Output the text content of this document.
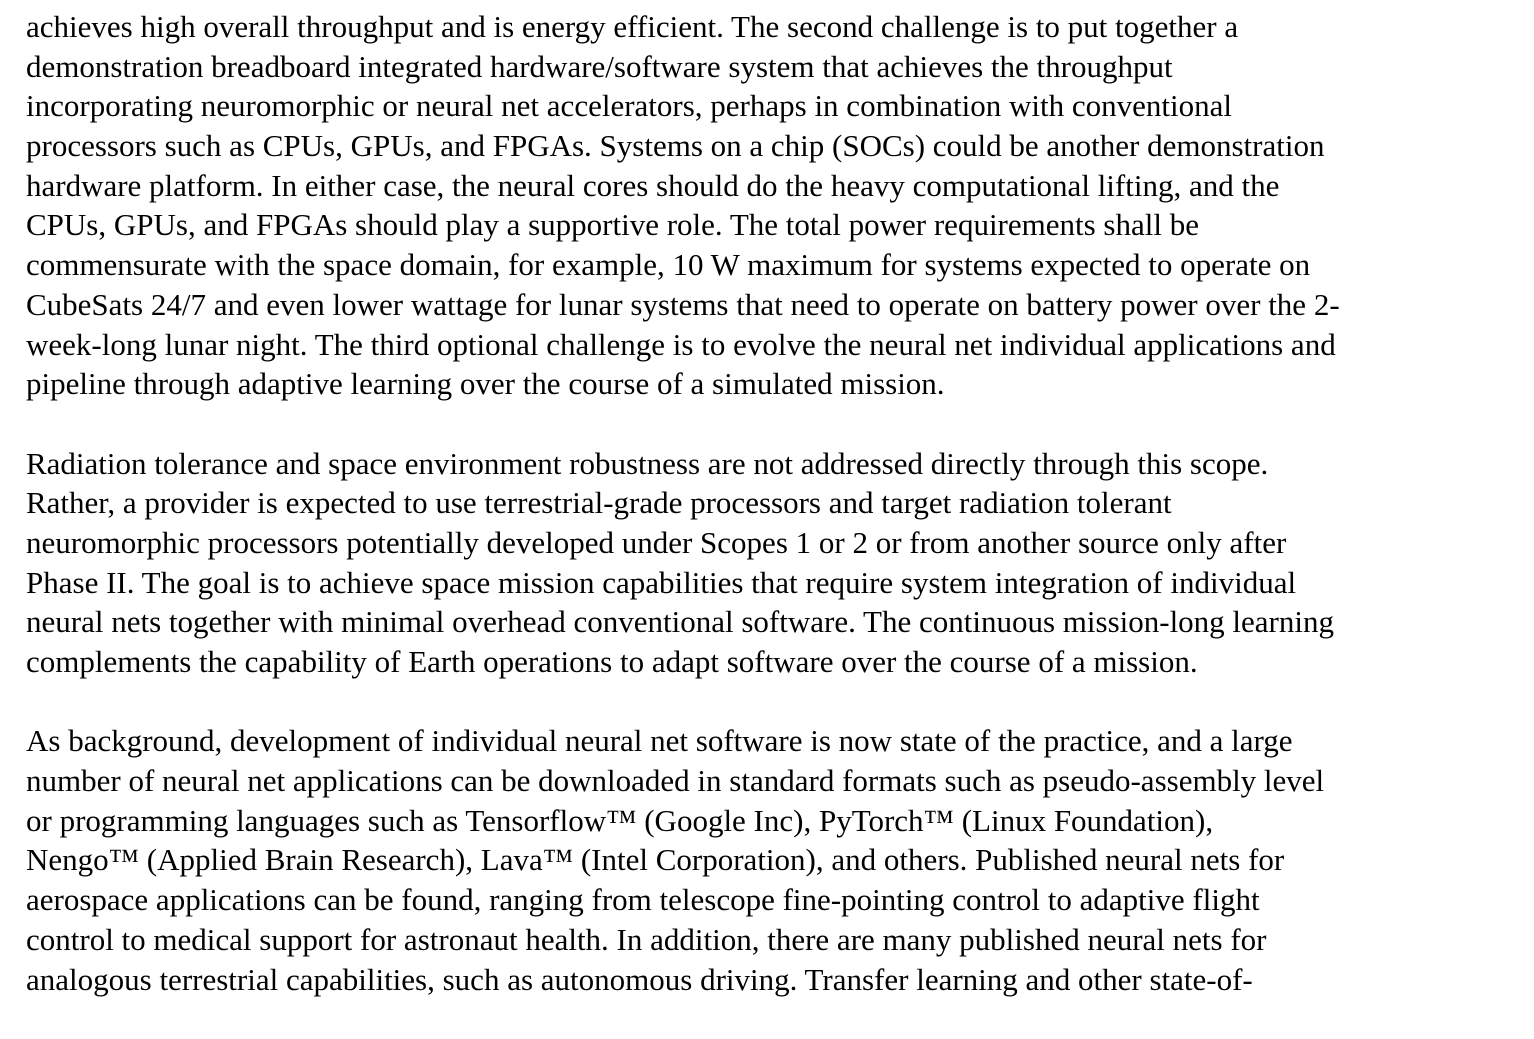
achieves high overall throughput and is energy efficient. The second challenge is to put together a
demonstration breadboard integrated hardware/software system that achieves the throughput
incorporating neuromorphic or neural net accelerators, perhaps in combination with conventional
processors such as CPUs, GPUs, and FPGAs. Systems on a chip (SOCs) could be another demonstration
hardware platform. In either case, the neural cores should do the heavy computational lifting, and the
CPUs, GPUs, and FPGAs should play a supportive role. The total power requirements shall be
commensurate with the space domain, for example, 10 W maximum for systems expected to operate on
CubeSats 24/7 and even lower wattage for lunar systems that need to operate on battery power over the 2-
week-long lunar night. The third optional challenge is to evolve the neural net individual applications and
pipeline through adaptive learning over the course of a simulated mission.
Radiation tolerance and space environment robustness are not addressed directly through this scope.
Rather, a provider is expected to use terrestrial-grade processors and target radiation tolerant
neuromorphic processors potentially developed under Scopes 1 or 2 or from another source only after
Phase II. The goal is to achieve space mission capabilities that require system integration of individual
neural nets together with minimal overhead conventional software. The continuous mission-long learning
complements the capability of Earth operations to adapt software over the course of a mission.
As background, development of individual neural net software is now state of the practice, and a large
number of neural net applications can be downloaded in standard formats such as pseudo-assembly level
or programming languages such as Tensorflow™ (Google Inc), PyTorch™ (Linux Foundation),
Nengo™ (Applied Brain Research), Lava™ (Intel Corporation), and others. Published neural nets for
aerospace applications can be found, ranging from telescope fine-pointing control to adaptive flight
control to medical support for astronaut health. In addition, there are many published neural nets for
analogous terrestrial capabilities, such as autonomous driving. Transfer learning and other state-of-
